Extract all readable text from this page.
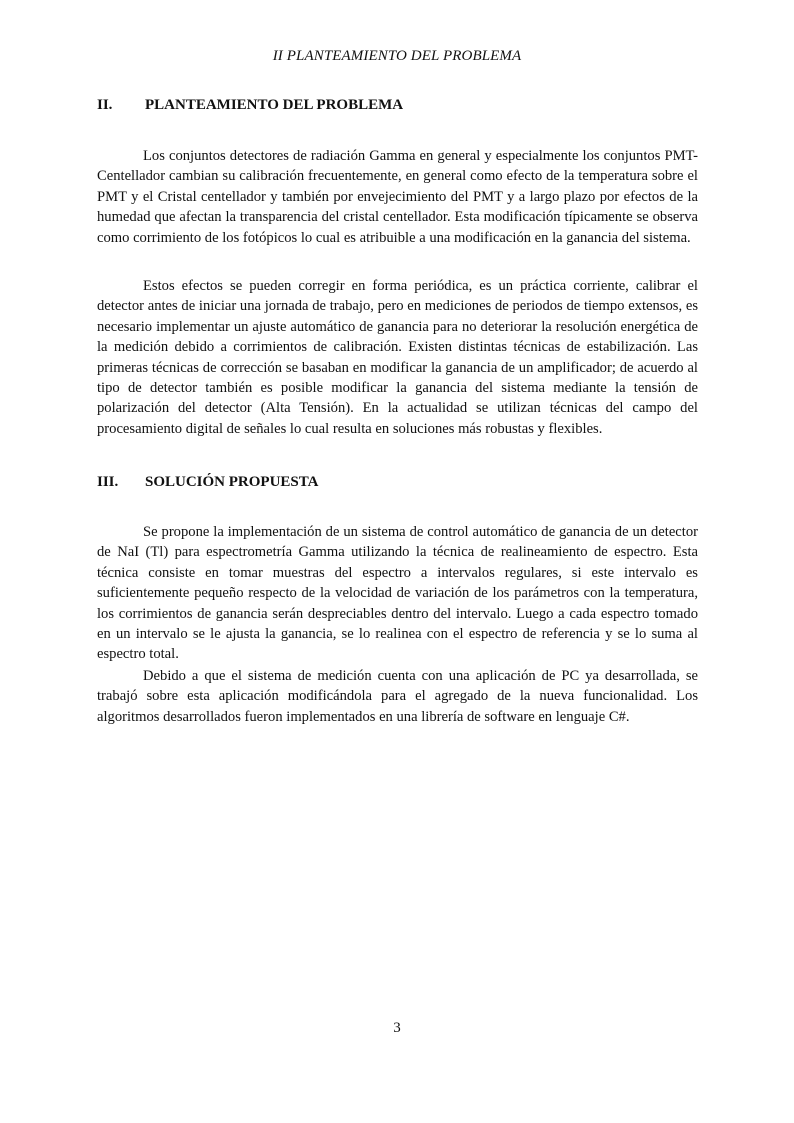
II PLANTEAMIENTO DEL PROBLEMA
II. PLANTEAMIENTO DEL PROBLEMA

Los conjuntos detectores de radiación Gamma en general y especialmente los conjuntos PMT-Centellador cambian su calibración frecuentemente, en general como efecto de la temperatura sobre el PMT y el Cristal centellador y también por envejecimiento del PMT y a largo plazo por efectos de la humedad que afectan la transparencia del cristal centellador. Esta modificación típicamente se observa como corrimiento de los fotópicos lo cual es atribuible a una modificación en la ganancia del sistema.

Estos efectos se pueden corregir en forma periódica, es un práctica corriente, calibrar el detector antes de iniciar una jornada de trabajo, pero en mediciones de periodos de tiempo extensos, es necesario implementar un ajuste automático de ganancia para no deteriorar la resolución energética de la medición debido a corrimientos de calibración. Existen distintas técnicas de estabilización. Las primeras técnicas de corrección se basaban en modificar la ganancia de un amplificador; de acuerdo al tipo de detector también es posible modificar la ganancia del sistema mediante la tensión de polarización del detector (Alta Tensión). En la actualidad se utilizan técnicas del campo del procesamiento digital de señales lo cual resulta en soluciones más robustas y flexibles.

III. SOLUCIÓN PROPUESTA

Se propone la implementación de un sistema de control automático de ganancia de un detector de NaI (Tl) para espectrometría Gamma utilizando la técnica de realineamiento de espectro. Esta técnica consiste en tomar muestras del espectro a intervalos regulares, si este intervalo es suficientemente pequeño respecto de la velocidad de variación de los parámetros con la temperatura, los corrimientos de ganancia serán despreciables dentro del intervalo. Luego a cada espectro tomado en un intervalo se le ajusta la ganancia, se lo realinea con el espectro de referencia y se lo suma al espectro total.

Debido a que el sistema de medición cuenta con una aplicación de PC ya desarrollada, se trabajó sobre esta aplicación modificándola para el agregado de la nueva funcionalidad. Los algoritmos desarrollados fueron implementados en una librería de software en lenguaje C#.

3
